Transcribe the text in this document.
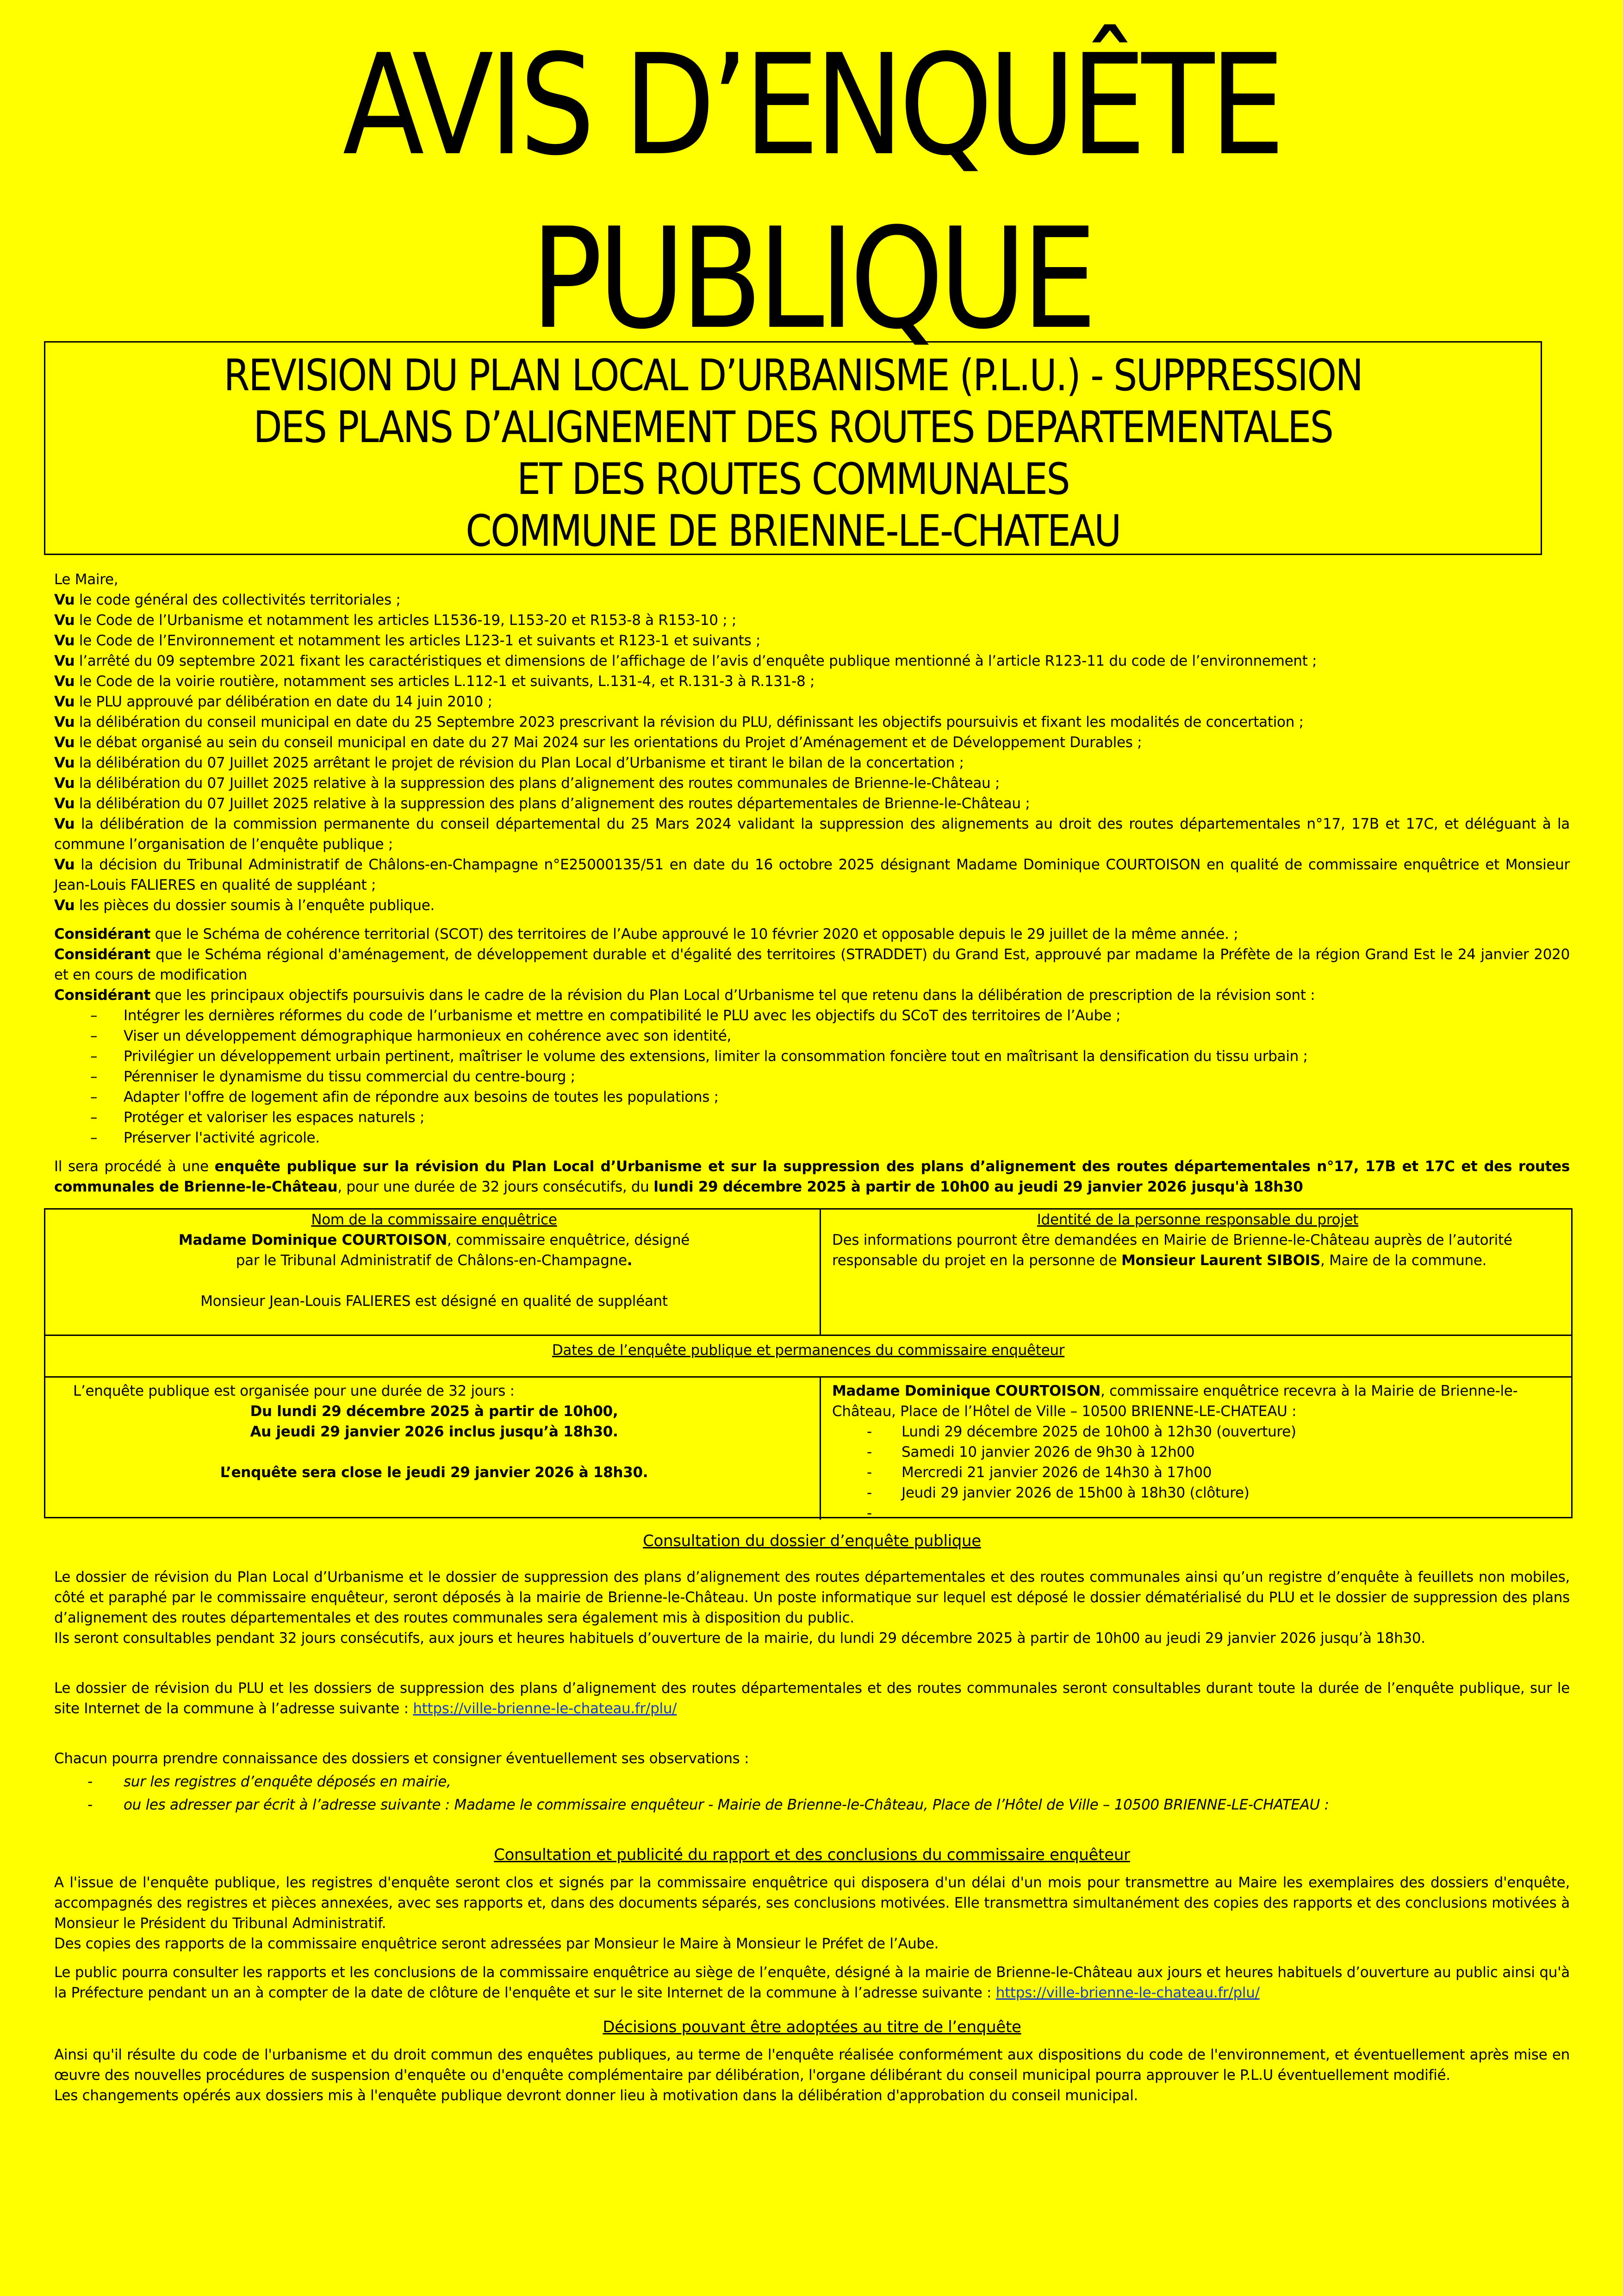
AVIS D’ENQUÊTE
PUBLIQUE
REVISION DU PLAN LOCAL D’URBANISME (P.L.U.) - SUPPRESSION
DES PLANS D’ALIGNEMENT DES ROUTES DEPARTEMENTALES
ET DES ROUTES COMMUNALES
COMMUNE DE BRIENNE-LE-CHATEAU

Le Maire,

Vu le code général des collectivités territoriales ;

Vu le Code de l’Urbanisme et notamment les articles L1536-19, L153-20 et R153-8 à R153-10 ; ;

Vu le Code de l’Environnement et notamment les articles L123-1 et suivants et R123-1 et suivants ;

Vu l’arrêté du 09 septembre 2021 fixant les caractéristiques et dimensions de l’affichage de l’avis d’enquête publique mentionné à l’article R123-11 du code de l’environnement ;

Vu le Code de la voirie routière, notamment ses articles L.112-1 et suivants, L.131-4, et R.131-3 à R.131-8 ;

Vu le PLU approuvé par délibération en date du 14 juin 2010 ;

Vu la délibération du conseil municipal en date du 25 Septembre 2023 prescrivant la révision du PLU, définissant les objectifs poursuivis et fixant les modalités de concertation ;

Vu le débat organisé au sein du conseil municipal en date du 27 Mai 2024 sur les orientations du Projet d’Aménagement et de Développement Durables ;

Vu la délibération du 07 Juillet 2025 arrêtant le projet de révision du Plan Local d’Urbanisme et tirant le bilan de la concertation ;

Vu la délibération du 07 Juillet 2025 relative à la suppression des plans d’alignement des routes communales de Brienne-le-Château ;

Vu la délibération du 07 Juillet 2025 relative à la suppression des plans d’alignement des routes départementales de Brienne-le-Château ;

Vu la délibération de la commission permanente du conseil départemental du 25 Mars 2024 validant la suppression des alignements au droit des routes départementales n°17, 17B et 17C, et déléguant à la commune l’organisation de l’enquête publique ;

Vu la décision du Tribunal Administratif de Châlons-en-Champagne n°E25000135/51 en date du 16 octobre 2025 désignant Madame Dominique COURTOISON en qualité de commissaire enquêtrice et Monsieur Jean-Louis FALIERES en qualité de suppléant ;

Vu les pièces du dossier soumis à l’enquête publique.

Considérant que le Schéma de cohérence territorial (SCOT) des territoires de l’Aube approuvé le 10 février 2020 et opposable depuis le 29 juillet de la même année. ;

Considérant que le Schéma régional d'aménagement, de développement durable et d'égalité des territoires (STRADDET) du Grand Est, approuvé par madame la Préfète de la région Grand Est le 24 janvier 2020 et en cours de modification

Considérant que les principaux objectifs poursuivis dans le cadre de la révision du Plan Local d’Urbanisme tel que retenu dans la délibération de prescription de la révision sont :

– Intégrer les dernières réformes du code de l’urbanisme et mettre en compatibilité le PLU avec les objectifs du SCoT des territoires de l’Aube ;
– Viser un développement démographique harmonieux en cohérence avec son identité,
– Privilégier un développement urbain pertinent, maîtriser le volume des extensions, limiter la consommation foncière tout en maîtrisant la densification du tissu urbain ;
– Pérenniser le dynamisme du tissu commercial du centre-bourg ;
– Adapter l'offre de logement afin de répondre aux besoins de toutes les populations ;
– Protéger et valoriser les espaces naturels ;
– Préserver l'activité agricole.

Il sera procédé à une enquête publique sur la révision du Plan Local d’Urbanisme et sur la suppression des plans d’alignement des routes départementales n°17, 17B et 17C et des routes communales de Brienne-le-Château, pour une durée de 32 jours consécutifs, du lundi 29 décembre 2025 à partir de 10h00 au jeudi 29 janvier 2026 jusqu'à 18h30

Nom de la commissaire enquêtrice
Madame Dominique COURTOISON, commissaire enquêtrice, désigné
par le Tribunal Administratif de Châlons-en-Champagne.
Monsieur Jean-Louis FALIERES est désigné en qualité de suppléant
Identité de la personne responsable du projet
Des informations pourront être demandées en Mairie de Brienne-le-Château auprès de l’autorité responsable du projet en la personne de Monsieur Laurent SIBOIS, Maire de la commune.
Dates de l’enquête publique et permanences du commissaire enquêteur
L’enquête publique est organisée pour une durée de 32 jours :
Du lundi 29 décembre 2025 à partir de 10h00,
Au jeudi 29 janvier 2026 inclus jusqu’à 18h30.
L’enquête sera close le jeudi 29 janvier 2026 à 18h30.
Madame Dominique COURTOISON, commissaire enquêtrice recevra à la Mairie de Brienne-le-Château, Place de l’Hôtel de Ville – 10500 BRIENNE-LE-CHATEAU :
- Lundi 29 décembre 2025 de 10h00 à 12h30 (ouverture)
- Samedi 10 janvier 2026 de 9h30 à 12h00
- Mercredi 21 janvier 2026 de 14h30 à 17h00
- Jeudi 29 janvier 2026 de 15h00 à 18h30 (clôture)

Consultation du dossier d’enquête publique

Le dossier de révision du Plan Local d’Urbanisme et le dossier de suppression des plans d’alignement des routes départementales et des routes communales ainsi qu’un registre d’enquête à feuillets non mobiles, côté et paraphé par le commissaire enquêteur, seront déposés à la mairie de Brienne-le-Château. Un poste informatique sur lequel est déposé le dossier dématérialisé du PLU et le dossier de suppression des plans d’alignement des routes départementales et des routes communales sera également mis à disposition du public.

Ils seront consultables pendant 32 jours consécutifs, aux jours et heures habituels d’ouverture de la mairie, du lundi 29 décembre 2025 à partir de 10h00 au jeudi 29 janvier 2026 jusqu’à 18h30.

Le dossier de révision du PLU et les dossiers de suppression des plans d’alignement des routes départementales et des routes communales seront consultables durant toute la durée de l’enquête publique, sur le site Internet de la commune à l’adresse suivante : https://ville-brienne-le-chateau.fr/plu/

Chacun pourra prendre connaissance des dossiers et consigner éventuellement ses observations :

- sur les registres d’enquête déposés en mairie,
- ou les adresser par écrit à l’adresse suivante : Madame le commissaire enquêteur - Mairie de Brienne-le-Château, Place de l’Hôtel de Ville – 10500 BRIENNE-LE-CHATEAU :

Consultation et publicité du rapport et des conclusions du commissaire enquêteur

A l'issue de l'enquête publique, les registres d'enquête seront clos et signés par la commissaire enquêtrice qui disposera d'un délai d'un mois pour transmettre au Maire les exemplaires des dossiers d'enquête, accompagnés des registres et pièces annexées, avec ses rapports et, dans des documents séparés, ses conclusions motivées. Elle transmettra simultanément des copies des rapports et des conclusions motivées à Monsieur le Président du Tribunal Administratif.

Des copies des rapports de la commissaire enquêtrice seront adressées par Monsieur le Maire à Monsieur le Préfet de l’Aube.

Le public pourra consulter les rapports et les conclusions de la commissaire enquêtrice au siège de l’enquête, désigné à la mairie de Brienne-le-Château aux jours et heures habituels d’ouverture au public ainsi qu'à la Préfecture pendant un an à compter de la date de clôture de l'enquête et sur le site Internet de la commune à l’adresse suivante : https://ville-brienne-le-chateau.fr/plu/

Décisions pouvant être adoptées au titre de l’enquête

Ainsi qu'il résulte du code de l'urbanisme et du droit commun des enquêtes publiques, au terme de l'enquête réalisée conformément aux dispositions du code de l'environnement, et éventuellement après mise en œuvre des nouvelles procédures de suspension d'enquête ou d'enquête complémentaire par délibération, l'organe délibérant du conseil municipal pourra approuver le P.L.U éventuellement modifié.

Les changements opérés aux dossiers mis à l'enquête publique devront donner lieu à motivation dans la délibération d'approbation du conseil municipal.
